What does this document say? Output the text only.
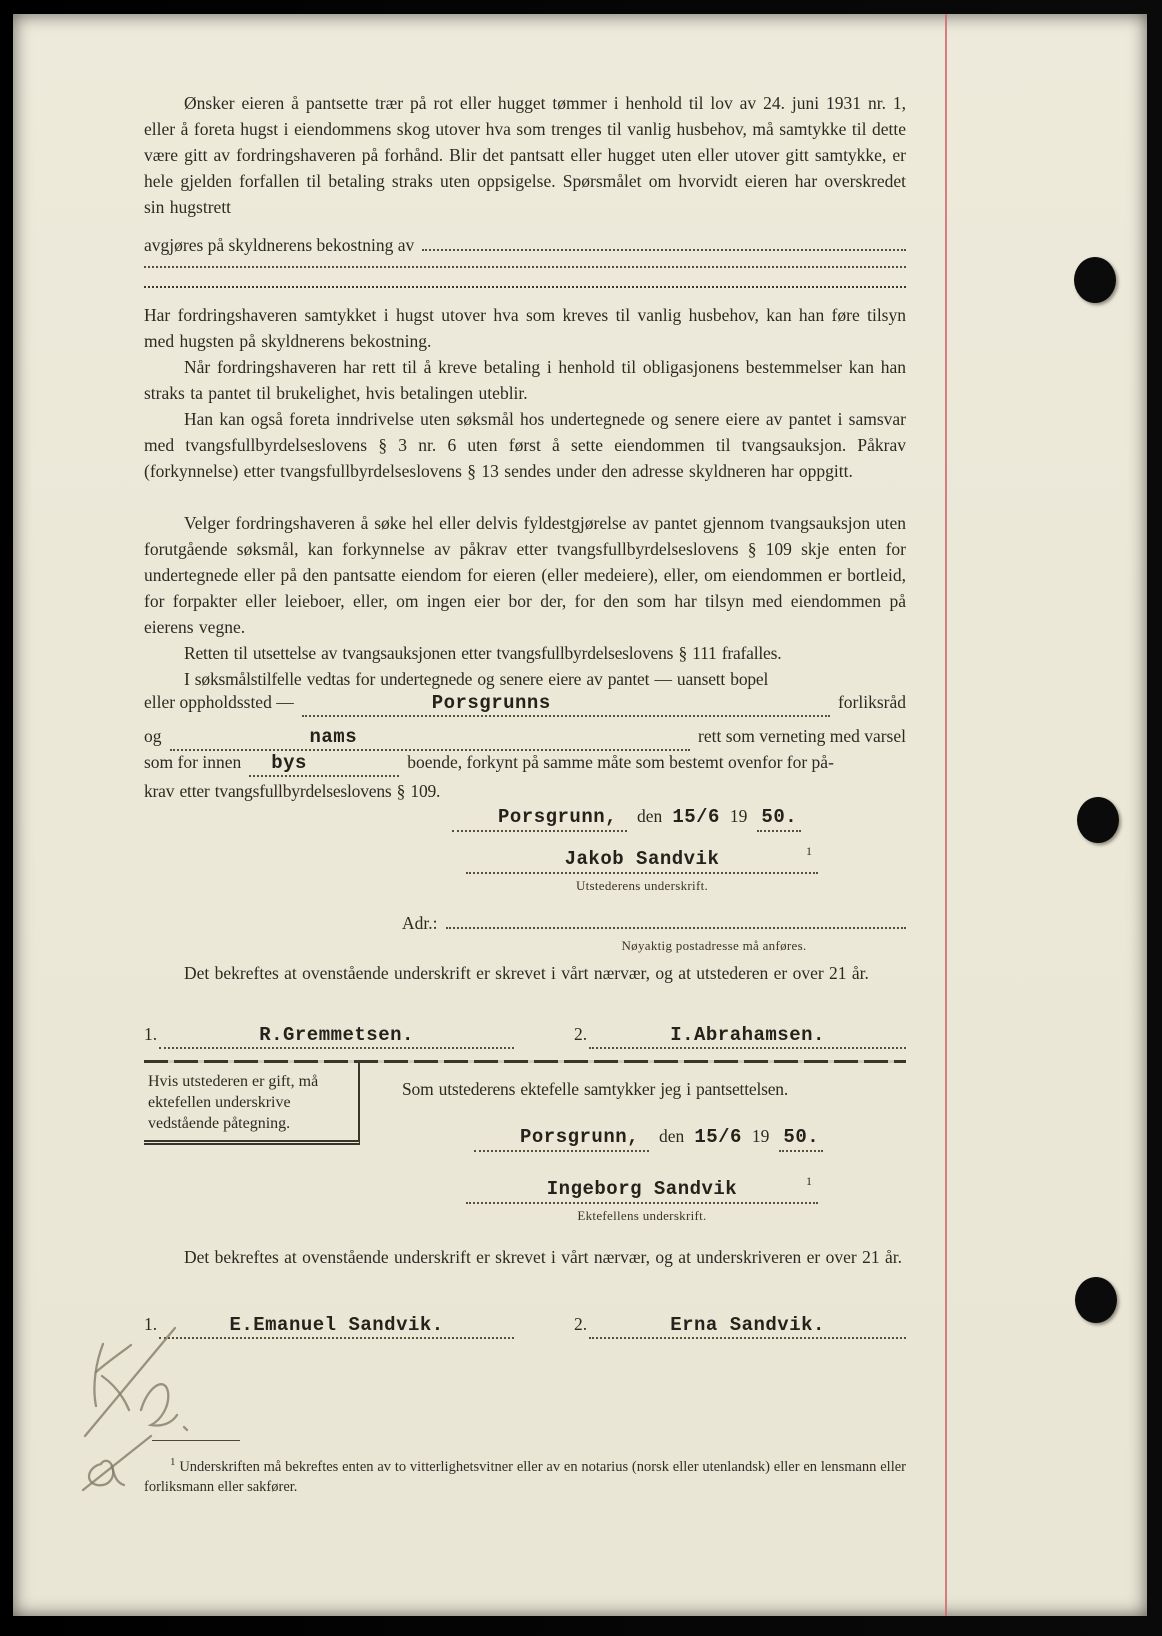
Ønsker eieren å pantsette trær på rot eller hugget tømmer i henhold til lov av 24. juni 1931 nr. 1, eller å foreta hugst i eiendommens skog utover hva som trenges til vanlig husbehov, må samtykke til dette være gitt av fordringshaveren på forhånd. Blir det pantsatt eller hugget uten eller utover gitt samtykke, er hele gjelden forfallen til betaling straks uten oppsigelse. Spørsmålet om hvorvidt eieren har overskredet sin hugstrett

avgjøres på skyldnerens bekostning av

Har fordringshaveren samtykket i hugst utover hva som kreves til vanlig husbehov, kan han føre tilsyn med hugsten på skyldnerens bekostning.

Når fordringshaveren har rett til å kreve betaling i henhold til obligasjonens bestemmelser kan han straks ta pantet til brukelighet, hvis betalingen uteblir.

Han kan også foreta inndrivelse uten søksmål hos undertegnede og senere eiere av pantet i samsvar med tvangsfullbyrdelseslovens § 3 nr. 6 uten først å sette eiendommen til tvangsauksjon. Påkrav (forkynnelse) etter tvangsfullbyrdelseslovens § 13 sendes under den adresse skyldneren har oppgitt.

Velger fordringshaveren å søke hel eller delvis fyldestgjørelse av pantet gjennom tvangsauksjon uten forutgående søksmål, kan forkynnelse av påkrav etter tvangsfullbyrdelseslovens § 109 skje enten for undertegnede eller på den pantsatte eiendom for eieren (eller medeiere), eller, om eiendommen er bortleid, for forpakter eller leieboer, eller, om ingen eier bor der, for den som har tilsyn med eiendommen på eierens vegne.

Retten til utsettelse av tvangsauksjonen etter tvangsfullbyrdelseslovens § 111 frafalles.

I søksmålstilfelle vedtas for undertegnede og senere eiere av pantet — uansett bopel

eller oppholdssted —	Porsgrunns	forliksråd
og	nams	rett som verneting med varsel
som for innen bys	boende, forkynt på samme måte som bestemt ovenfor for på-

krav etter tvangsfullbyrdelseslovens § 109.

Porsgrunn,	den 15/6 19 50.
Jakob Sandvik	$^1$
Utstederens underskrift.
Adr.:
Nøyaktig postadresse må anføres.

Det bekreftes at ovenstående underskrift er skrevet i vårt nærvær, og at utstederen er over 21 år.

1.	R.Gremmetsen.	2.	I.Abrahamsen.
Hvis utstederen er gift, må ektefellen underskrive vedstående påtegning.

Som utstederens ektefelle samtykker jeg i pantsettelsen.

Porsgrunn,	den 15/6 19 50.
Ingeborg Sandvik	$^1$
Ektefellens underskrift.

Det bekreftes at ovenstående underskrift er skrevet i vårt nærvær, og at underskriveren er over 21 år.

1.	E.Emanuel Sandvik.	2.	Erna Sandvik.

$^1$ Underskriften må bekreftes enten av to vitterlighetsvitner eller av en notarius (norsk eller utenlandsk) eller en lensmann eller forliksmann eller sakfører.
